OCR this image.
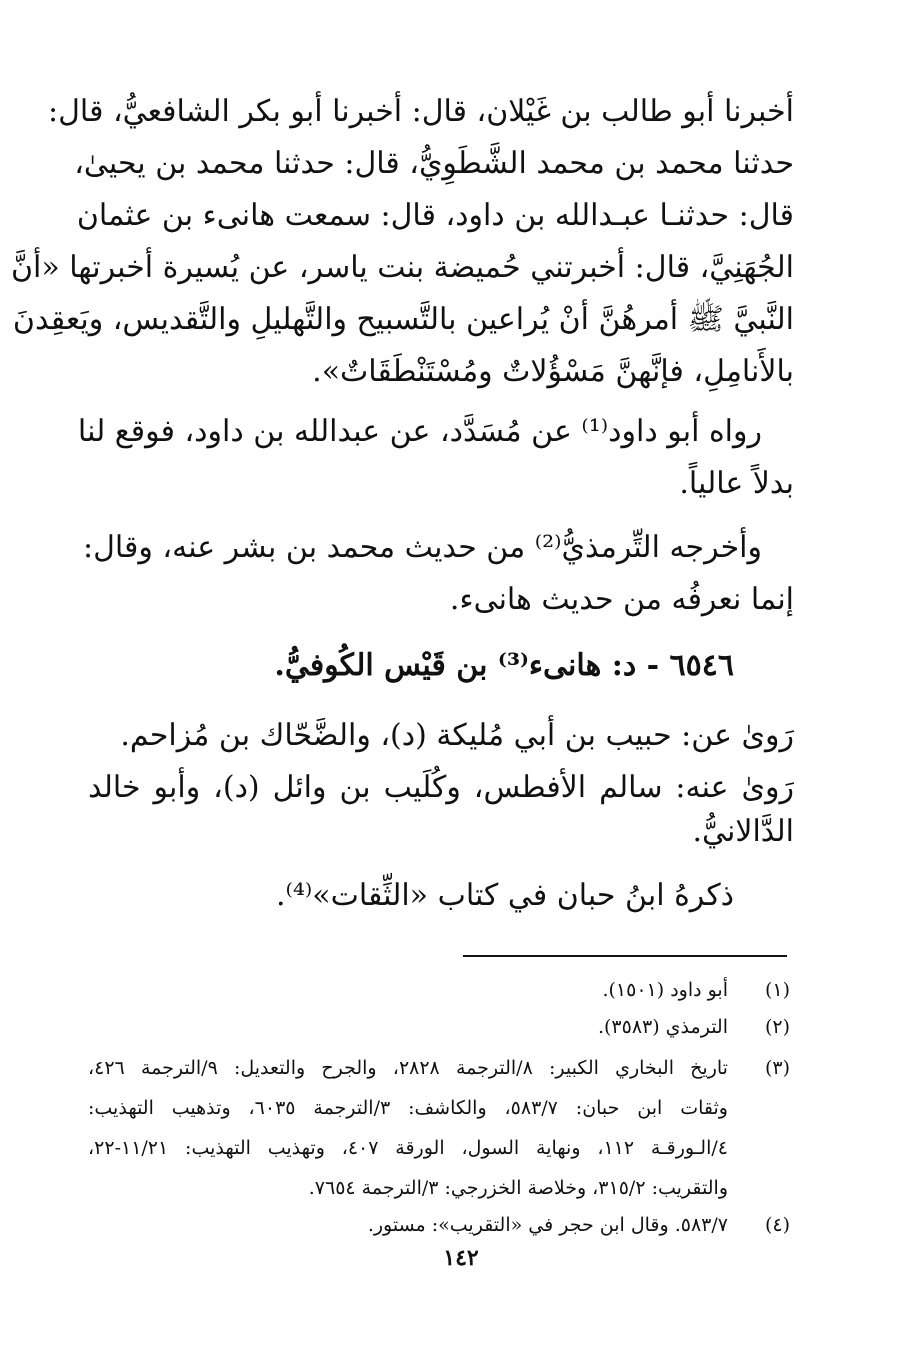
أخبرنا أبو طالب بن غَيْلان، قال: أخبرنا أبو بكر الشافعيُّ، قال:
حدثنا محمد بن محمد الشَّطَوِيُّ، قال: حدثنا محمد بن يحيىٰ،
قال: حدثنـا عبـدالله بن داود، قال: سمعت هانىء بن عثمان
الجُهَنِيَّ، قال: أخبرتني حُميضة بنت ياسر، عن يُسيرة أخبرتها «أنَّ
النَّبيَّ ﷺ أمرهُنَّ أنْ يُراعين بالتَّسبيح والتَّهليلِ والتَّقديس، ويَعقِدنَ
بالأَنامِلِ، فإنَّهنَّ مَسْؤُلاتٌ ومُسْتَنْطَقَاتٌ».
رواه أبو داود⁽¹⁾ عن مُسَدَّد، عن عبدالله بن داود، فوقع لنا
بدلاً عالياً.
وأخرجه التِّرمذيُّ⁽²⁾ من حديث محمد بن بشر عنه، وقال:
إنما نعرفُه من حديث هانىء.
٦٥٤٦ - د: هانىء⁽³⁾ بن قَيْس الكُوفيُّ.
رَوىٰ عن: حبيب بن أبي مُليكة (د)، والضَّحّاك بن مُزاحم.
رَوىٰ عنه: سالم الأفطس، وكُلَيب بن وائل (د)، وأبو خالد
الدَّالانيُّ.
ذكرهُ ابنُ حبان في كتاب «الثِّقات»⁽⁴⁾.
(١)
أبو داود (١٥٠١).
(٢)
الترمذي (٣٥٨٣).
(٣)
تاريخ البخاري الكبير: ٨/الترجمة ٢٨٢٨، والجرح والتعديل: ٩/الترجمة ٤٢٦،
وثقات ابن حبان: ٥٨٣/٧، والكاشف: ٣/الترجمة ٦٠٣٥، وتذهيب التهذيب:
٤/الـورقـة ١١٢، ونهاية السول، الورقة ٤٠٧، وتهذيب التهذيب: ١١/٢١-٢٢،
والتقريب: ٣١٥/٢، وخلاصة الخزرجي: ٣/الترجمة ٧٦٥٤.
(٤)
٥٨٣/٧. وقال ابن حجر في «التقريب»: مستور.
١٤٢
